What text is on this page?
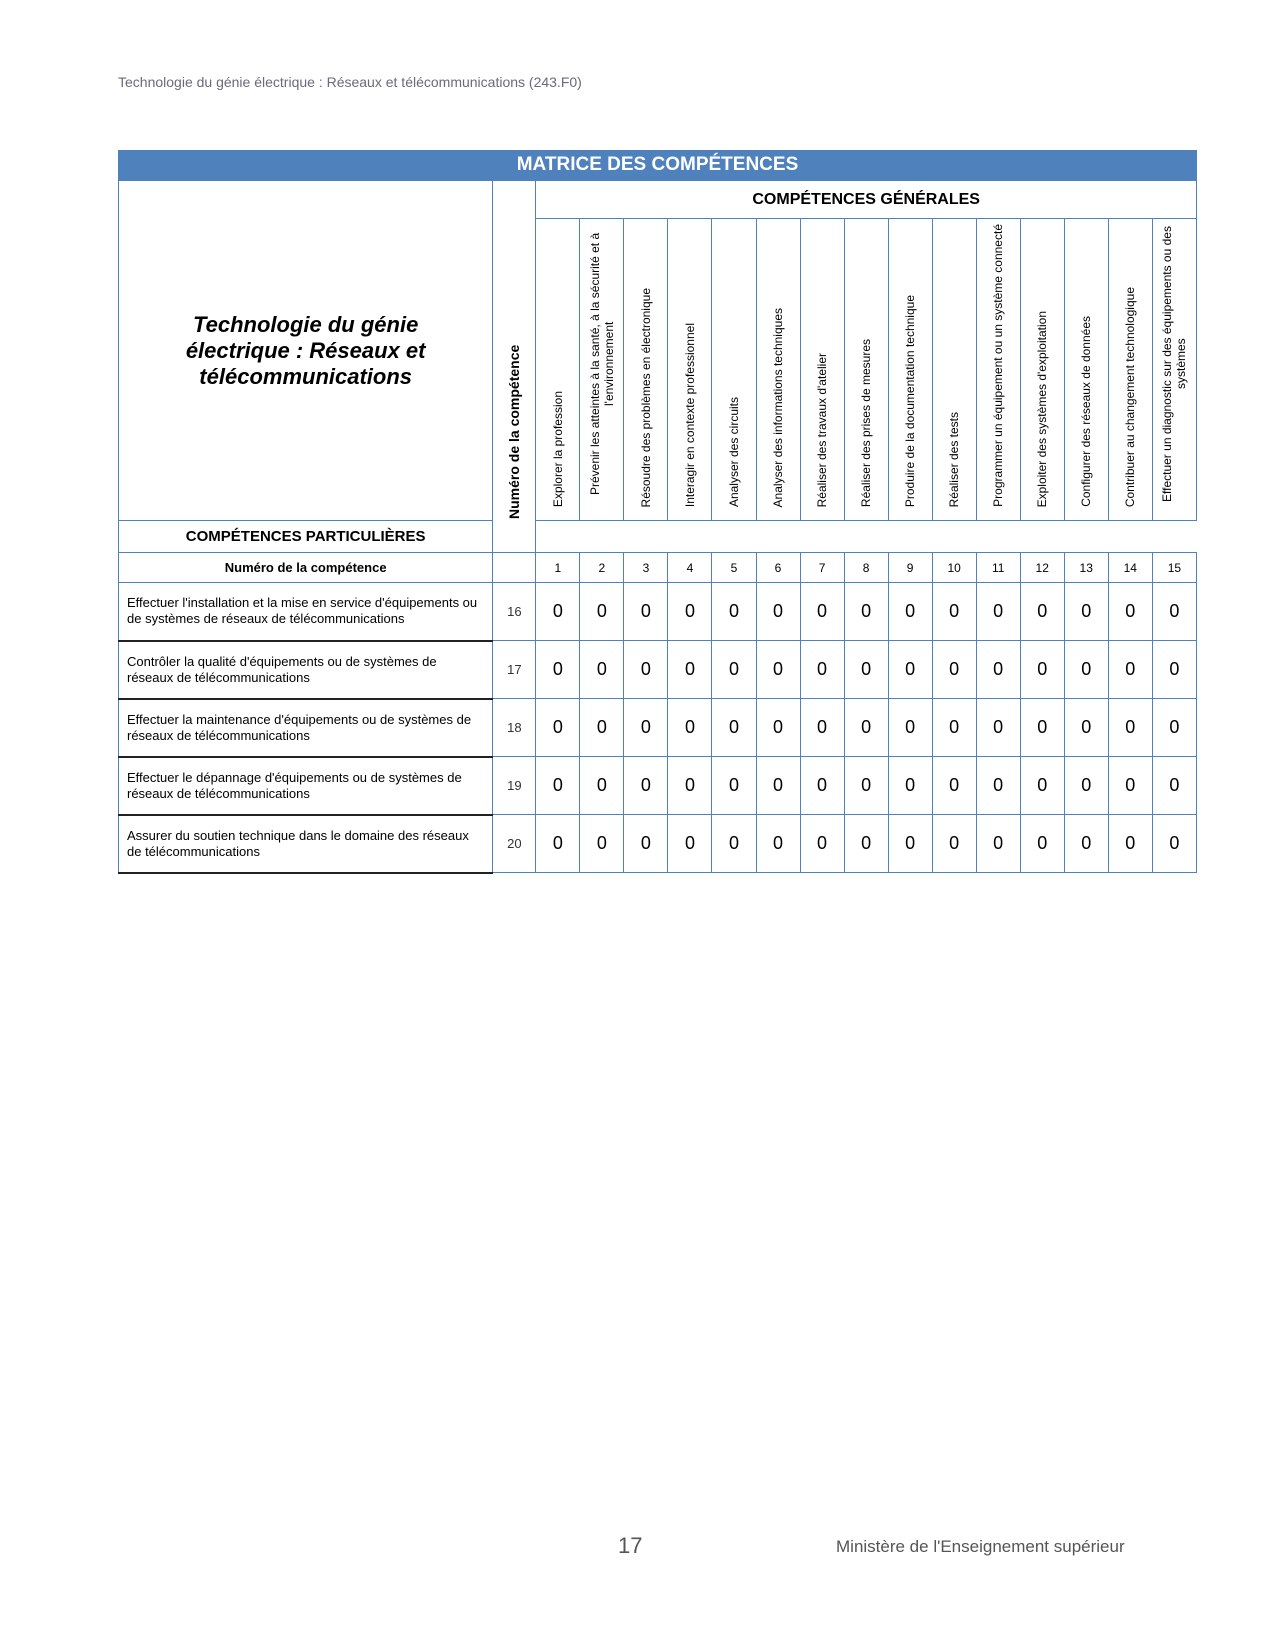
Technologie du génie électrique : Réseaux et télécommunications (243.F0)
MATRICE DES COMPÉTENCES
Technologie du génie électrique : Réseaux et télécommunications	Numéro de la compétence	COMPÉTENCES GÉNÉRALES														
		Explorer la profession	Prévenir les atteintes à la santé, à la sécurité et à l'environnement	Résoudre des problèmes en électronique	Interagir en contexte professionnel	Analyser des circuits	Analyser des informations techniques	Réaliser des travaux d'atelier	Réaliser des prises de mesures	Produire de la documentation technique	Réaliser des tests	Programmer un équipement ou un système connecté	Exploiter des systèmes d'exploitation	Configurer des réseaux de données	Contribuer au changement technologique	Effectuer un diagnostic sur des équipements ou des systèmes
COMPÉTENCES PARTICULIÈRES																
Numéro de la compétence		1	2	3	4	5	6	7	8	9	10	11	12	13	14	15
Effectuer l'installation et la mise en service d'équipements ou de systèmes de réseaux de télécommunications	16	0	0	0	0	0	0	0	0	0	0	0	0	0	0	0
Contrôler la qualité d'équipements ou de systèmes de réseaux de télécommunications	17	0	0	0	0	0	0	0	0	0	0	0	0	0	0	0
Effectuer la maintenance d'équipements ou de systèmes de réseaux de télécommunications	18	0	0	0	0	0	0	0	0	0	0	0	0	0	0	0
Effectuer le dépannage d'équipements ou de systèmes de réseaux de télécommunications	19	0	0	0	0	0	0	0	0	0	0	0	0	0	0	0
Assurer du soutien technique dans le domaine des réseaux de télécommunications	20	0	0	0	0	0	0	0	0	0	0	0	0	0	0	0
17	Ministère de l'Enseignement supérieur
